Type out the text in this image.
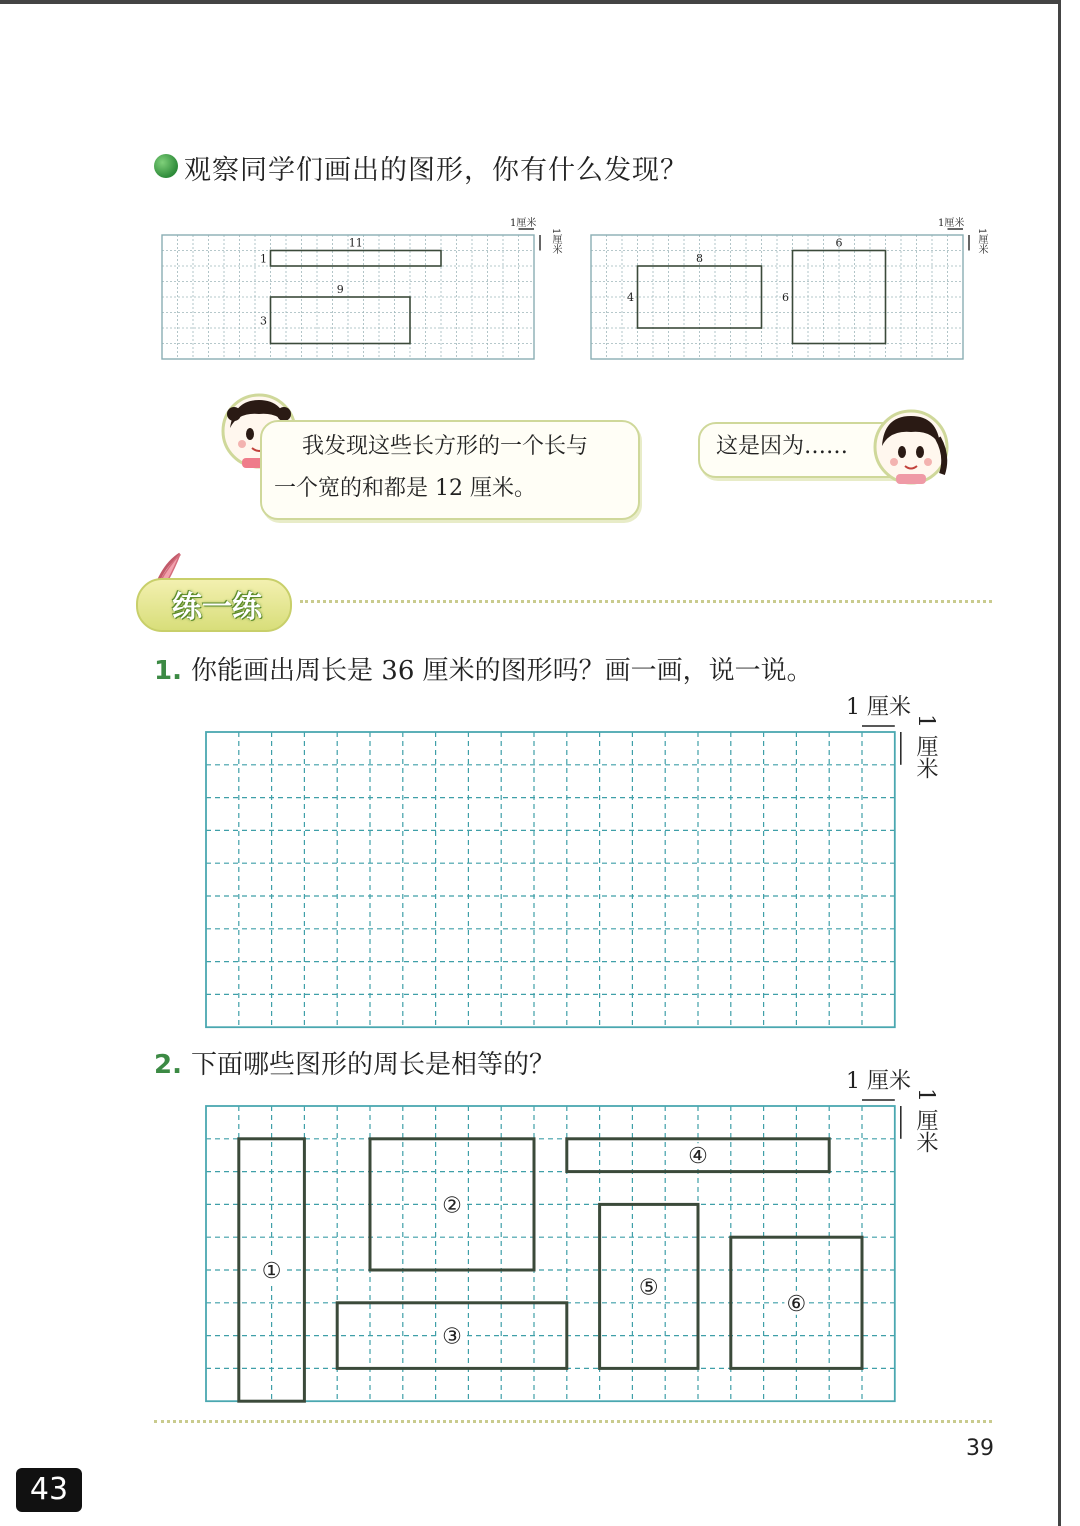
观察同学们画出的图形，你有什么发现？
11
1
9
3
1厘米
1厘米
8
4
6
6
1厘米
1厘米
我发现这些长方形的一个长与
一个宽的和都是 12 厘米。
这是因为……
练一练
1. 你能画出周长是 36 厘米的图形吗？画一画，说一说。
1 厘米
1 厘米
2. 下面哪些图形的周长是相等的？
1 厘米
1 厘米
①
②
③
④
⑤
⑥
39
43
